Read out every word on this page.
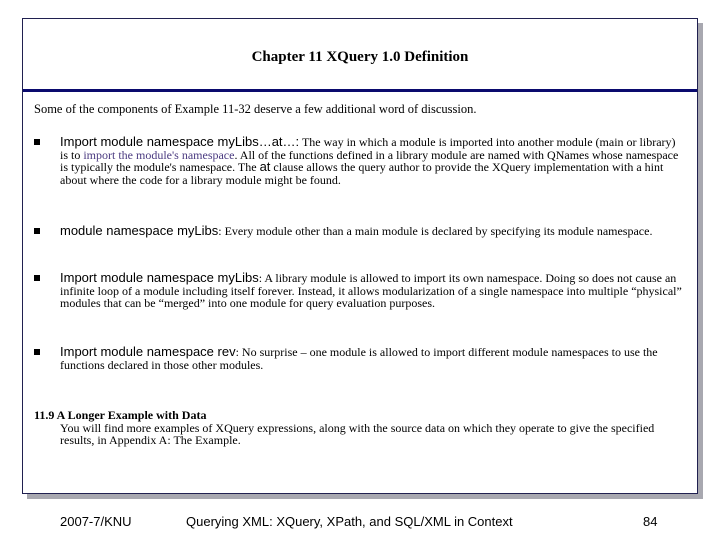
Chapter 11 XQuery 1.0 Definition
Some of the components of Example 11-32 deserve a few additional word of discussion.
Import module namespace myLibs…at…: The way in which a module is imported into another module (main or library) is to import the module's namespace. All of the functions defined in a library module are named with QNames whose namespace is typically the module's namespace. The at clause allows the query author to provide the XQuery implementation with a hint about where the code for a library module might be found.
module namespace myLibs: Every module other than a main module is declared by specifying its module namespace.
Import module namespace myLibs: A library module is allowed to import its own namespace. Doing so does not cause an infinite loop of a module including itself forever. Instead, it allows modularization of a single namespace into multiple “physical” modules that can be “merged” into one module for query evaluation purposes.
Import module namespace rev: No surprise – one module is allowed to import different module namespaces to use the functions declared in those other modules.
11.9 A Longer Example with Data
You will find more examples of XQuery expressions, along with the source data on which they operate to give the specified results, in Appendix A: The Example.
2007-7/KNU	Querying XML: XQuery, XPath, and SQL/XML in Context	84
